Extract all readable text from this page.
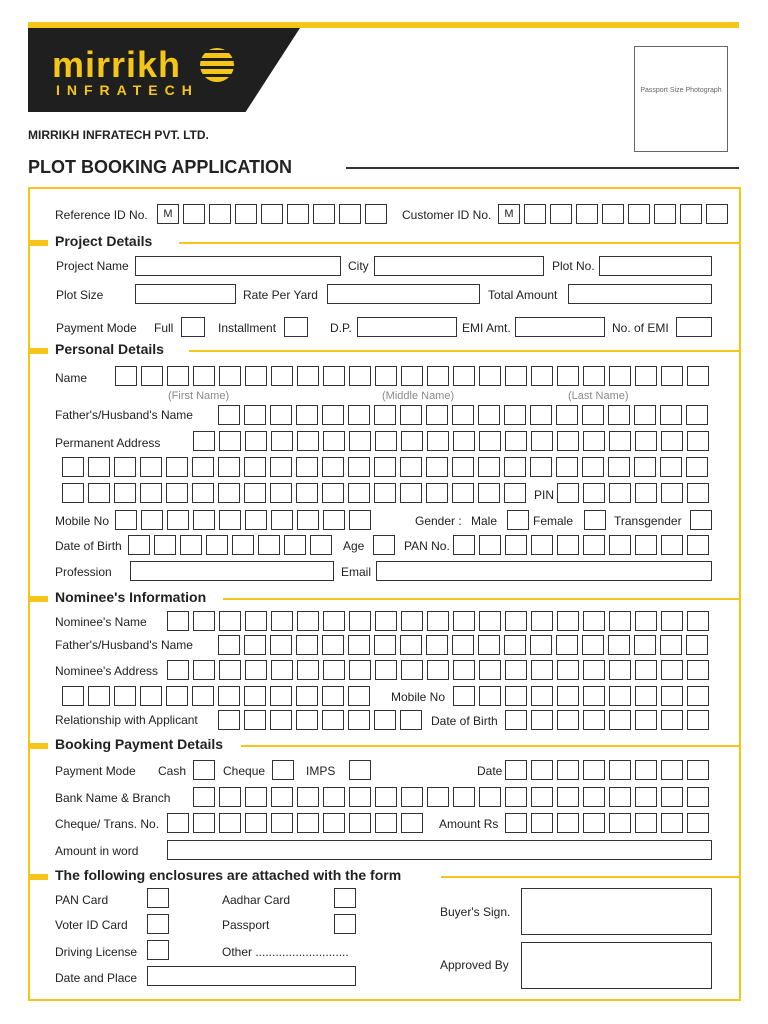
mirrikh
INFRATECH	Passport Size Photograph
MIRRIKH INFRATECH PVT. LTD.
PLOT BOOKING APPLICATION
Reference ID No.	M	Customer ID No.	M
Project Details
Project Name	City	Plot No.
Plot Size	Rate Per Yard	Total Amount
Payment Mode Full	Installment	D.P.	EMI Amt.	No. of EMI
Personal Details
Name
(First Name)	(Middle Name)	(Last Name)
Father's/Husband's Name
Permanent Address
PIN
Mobile No	Gender : Male	Female	Transgender
Date of Birth	Age	PAN No.
Profession	Email
Nominee's Information
Nominee's Name
Father's/Husband's Name
Nominee's Address
Mobile No
Relationship with Applicant	Date of Birth
Booking Payment Details
Payment Mode Cash	Cheque	IMPS	Date
Bank Name & Branch
Cheque/ Trans. No.	Amount Rs
Amount in word
The following enclosures are attached with the form
PAN Card	Aadhar Card
Voter ID Card	Passport
Driving License	Other ............................
Date and Place
Buyer's Sign.
Approved By
